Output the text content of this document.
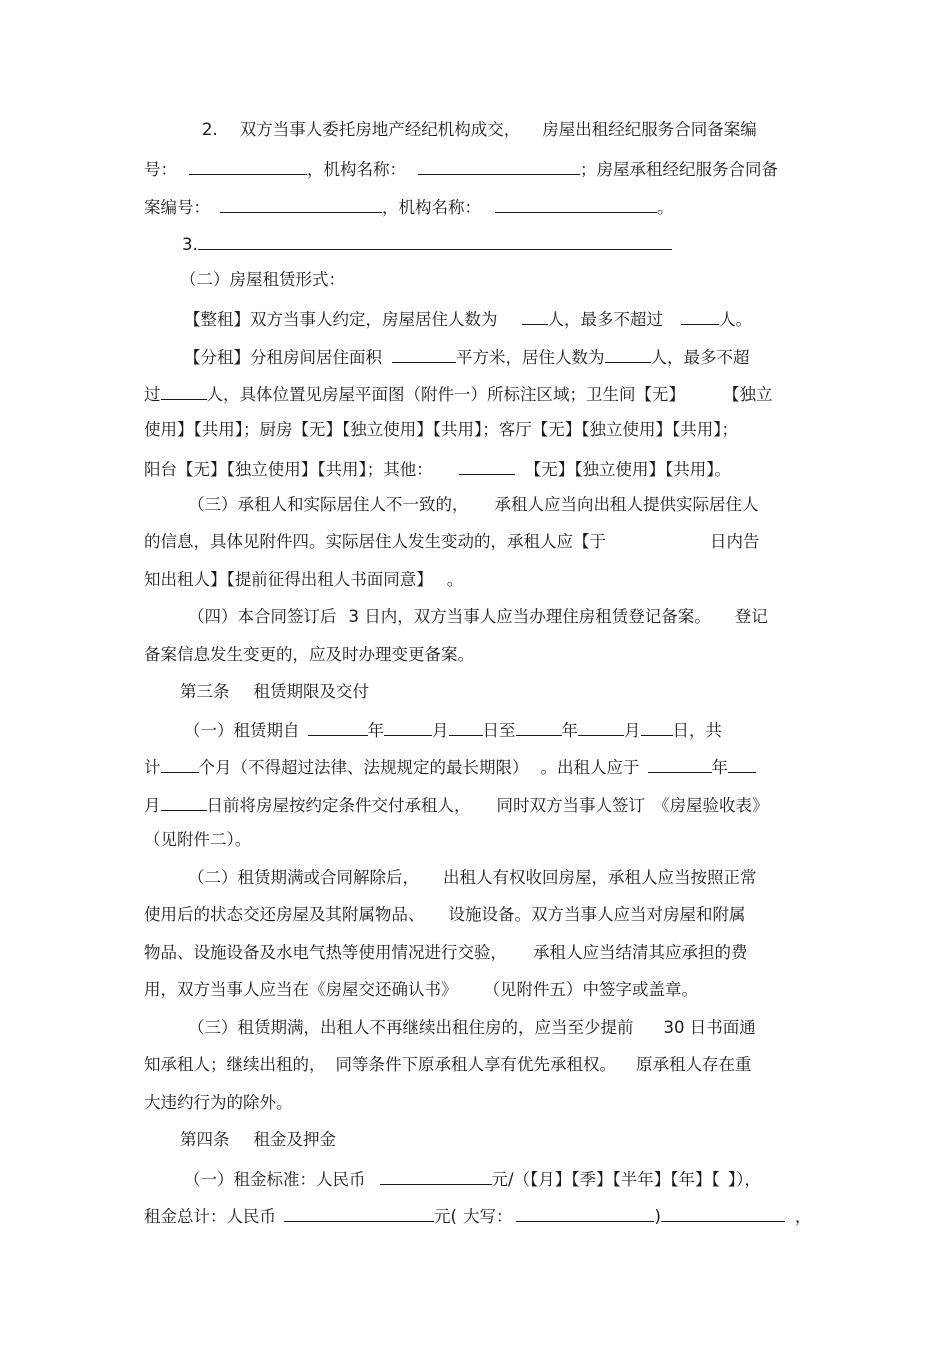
2. 双方当事人委托房地产经纪机构成交， 房屋出租经纪服务合同备案编
号：	，机构名称：	；房屋承租经纪服务合同备
案编号：	，机构名称：	。
3.
（二）房屋租赁形式：
【整租】双方当事人约定，房屋居住人数为	人，最多不超过	人。
【分租】分租房间居住面积	平方米，居住人数为	人，最多不超
过	人，具体位置见房屋平面图（附件一）所标注区域；卫生间【无】 【独立
使用】【共用】；厨房【无】【独立使用】【共用】；客厅【无】【独立使用】【共用】；
阳台【无】【独立使用】【共用】；其他：	【无】【独立使用】【共用】。
（三）承租人和实际居住人不一致的， 承租人应当向出租人提供实际居住人
的信息，具体见附件四。实际居住人发生变动的，承租人应【于	日内告
知出租人】【提前征得出租人书面同意】 。
（四）本合同签订后 3 日内，双方当事人应当办理住房租赁登记备案。 登记
备案信息发生变更的，应及时办理变更备案。
第三条 租赁期限及交付
（一）租赁期自	年	月 日至	年	月 日，共
计 个月（不得超过法律、法规规定的最长期限） 。出租人应于	年
月	日前将房屋按约定条件交付承租人， 同时双方当事人签订 《房屋验收表》
（见附件二）。
（二）租赁期满或合同解除后， 出租人有权收回房屋，承租人应当按照正常
使用后的状态交还房屋及其附属物品、 设施设备。双方当事人应当对房屋和附属
物品、设施设备及水电气热等使用情况进行交验， 承租人应当结清其应承担的费
用，双方当事人应当在《房屋交还确认书》 （见附件五）中签字或盖章。
（三）租赁期满，出租人不再继续出租住房的，应当至少提前 30 日书面通
知承租人；继续出租的， 同等条件下原承租人享有优先承租权。 原承租人存在重
大违约行为的除外。
第四条 租金及押金
（一）租金标准：人民币	元/（【月】【季】【半年】【年】【 】），
租金总计：人民币	元( 大写：	)	，
